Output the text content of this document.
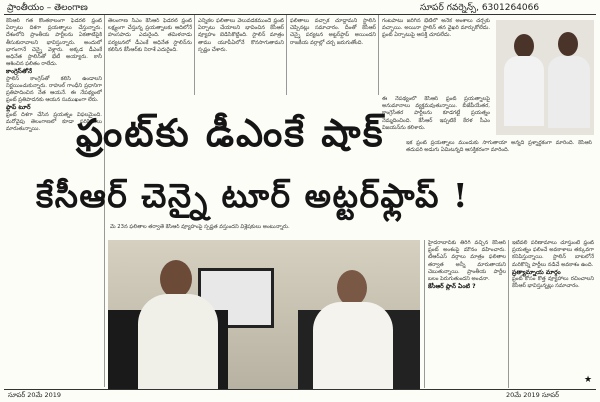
ప్రాంతీయం – తెలంగాణ	సూపర్ గవర్నెన్స్, 6301264066

కేసీఆర్ గత కొంతకాలంగా ఫెడరల్ ఫ్రంట్ ఏర్పాటు దిశగా ప్రయత్నాలు చేస్తున్నారు. దేశంలోని ప్రాంతీయ పార్టీలను ఏకతాటిపైకి తీసుకురావాలని భావిస్తున్నారు. అందులో భాగంగానే చెన్నై వెళ్లారు. అక్కడ డీఎంకే అధినేత స్టాలిన్‌తో భేటీ అయ్యారు. కానీ ఆశించిన ఫలితం రాలేదు.

కాంగ్రెస్‌తోనే

స్టాలిన్ కాంగ్రెస్‌తో కలిసి ఉండాలని నిర్ణయించుకున్నారు. రాహుల్ గాంధీని ప్రధానిగా ప్రతిపాదించిన నేత ఆయనే. ఈ నేపథ్యంలో ఫ్రంట్ ప్రతిపాదనకు ఆయన సుముఖంగా లేరు.

ఫ్లాప్ టూర్

ఫ్రంట్ దిశగా చేసిన ప్రయత్నం విఫలమైంది. మరోవైపు తెలంగాణలో కూడా పరిస్థితులు మారుతున్నాయి.

తెలంగాణ సీఎం కేసీఆర్ ఫెడరల్ ఫ్రంట్ లక్ష్యంగా చేస్తున్న ప్రయత్నాలకు ఆదిలోనే హంసపాదు ఎదురైంది. తమిళనాడు పర్యటనలో డీఎంకే అధినేత స్టాలిన్‌ను కలిసిన కేసీఆర్‌కు నిరాశే ఎదురైంది.

ఎన్నికల ఫలితాలు వెలువడకముందే ఫ్రంట్ ఏర్పాటు చేయాలని భావించిన కేసీఆర్ వ్యూహం బెడిసికొట్టింది. స్టాలిన్ మాత్రం తాము యూపీఏలోనే కొనసాగుతామని స్పష్టం చేశారు.

ఫలితాలు వచ్చాక చూద్దామని స్టాలిన్ చెప్పినట్లు సమాచారం. దీంతో కేసీఆర్ చెన్నై పర్యటన అట్టర్‌ఫ్లాప్ అయిందని రాజకీయ వర్గాల్లో చర్చ జరుగుతోంది.

గంటపాటు జరిగిన భేటీలో అనేక అంశాలు చర్చకు వచ్చాయి. అయినా స్టాలిన్ తన వైఖరి మార్చుకోలేదు. ఫ్రంట్ ఏర్పాటుపై ఆసక్తి చూపలేదు.

ఈ నేపథ్యంలో కేసీఆర్ ఫ్రంట్ ప్రయత్నాలపై అనుమానాలు వ్యక్తమవుతున్నాయి. బీజేపీయేతర, కాంగ్రెసేతర పార్టీలను కూడగట్టే ప్రయత్నం నెమ్మదించింది. కేసీఆర్ ఇప్పటికే కేరళ సీఎం విజయన్‌ను కలిశారు.

ఫ్రంట్‌కు డీఎంకే షాక్
కేసీఆర్ చెన్నై టూర్ అట్టర్‌ఫ్లాప్ !

ఇక ఫ్రంట్ ప్రయత్నాలు ముందుకు సాగుతాయా అన్నది ప్రశ్నార్థకంగా మారింది. కేసీఆర్ తదుపరి అడుగు ఏమిటన్నది ఆసక్తికరంగా మారింది.

మే 23న ఫలితాల తర్వాతే కేసీఆర్ వ్యూహంపై స్పష్టత వస్తుందని విశ్లేషకులు అంటున్నారు.

హైదరాబాద్‌కు తిరిగి వచ్చిన కేసీఆర్ ఫ్రంట్ అంశంపై మౌనం వహించారు. టీఆర్ఎస్ వర్గాలు మాత్రం ఫలితాల తర్వాత అన్నీ మారుతాయని చెబుతున్నాయి. ప్రాంతీయ పార్టీల బలం పెరుగుతుందని అంచనా.

కేసీఆర్ ప్లాన్ ఏంటి ?

ఇటీవలి పరిణామాలు చూస్తుంటే ఫ్రంట్ ప్రయత్నం ఫలించే అవకాశాలు తక్కువగా కనిపిస్తున్నాయి. స్టాలిన్ బాటలోనే మరికొన్ని పార్టీలు నడిచే అవకాశం ఉంది.

ప్రత్యామ్నాయ మార్గం

ఫ్రంట్ కోసం కొత్త వ్యూహాలు రచించాలని కేసీఆర్ భావిస్తున్నట్లు సమాచారం.

★
సూపర్ 20మే 2019	20మే 2019 సూపర్
